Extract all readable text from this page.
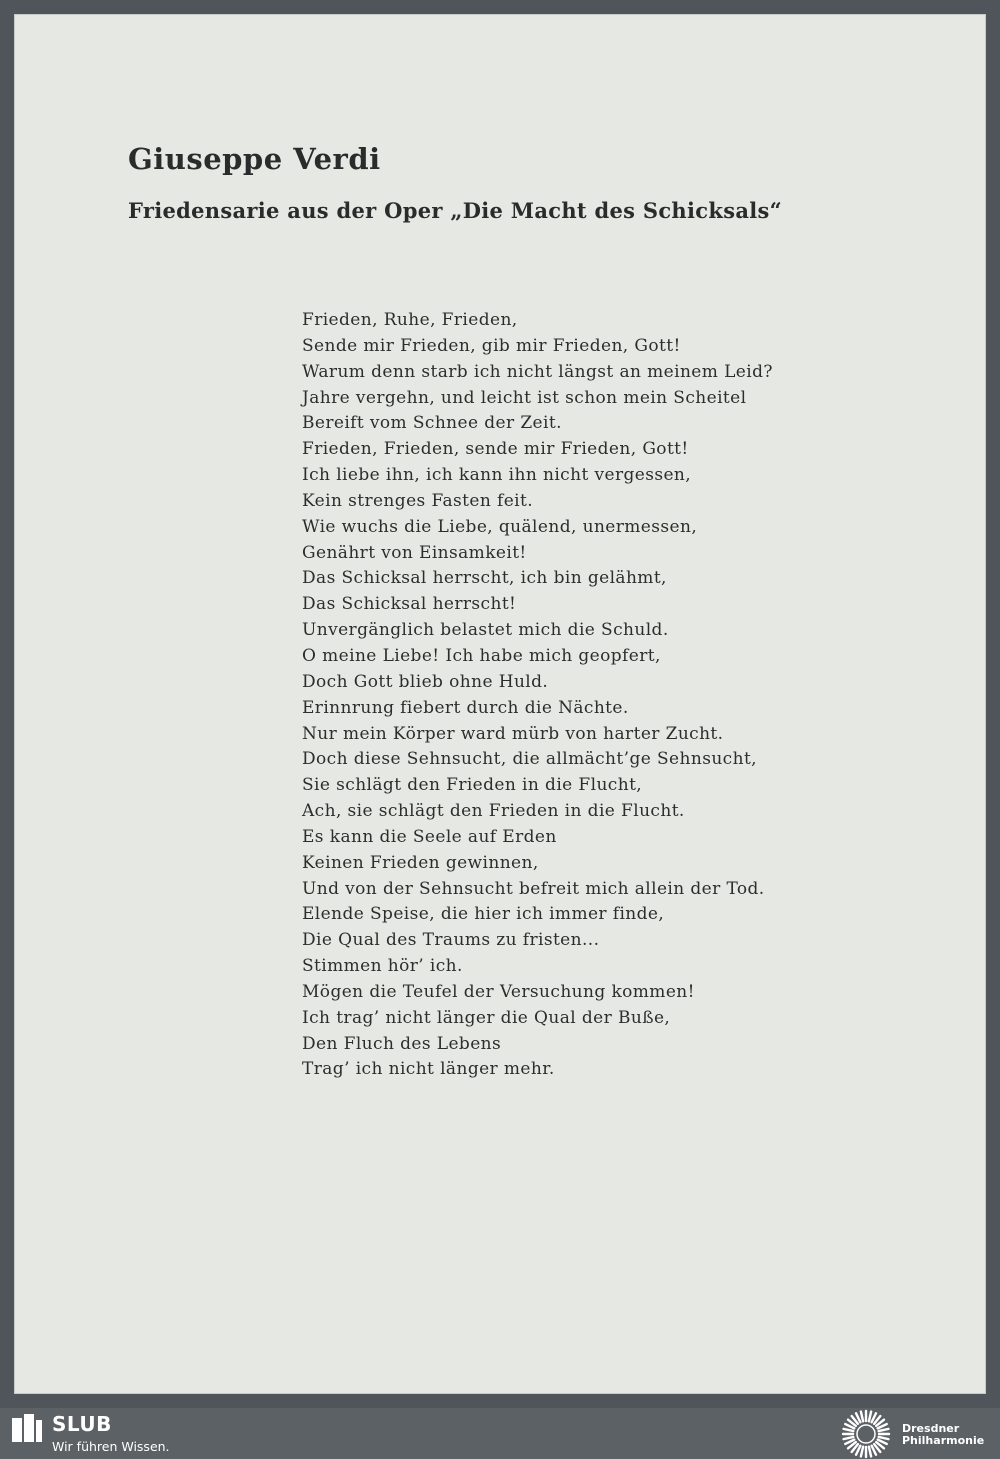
Giuseppe Verdi
Friedensarie aus der Oper „Die Macht des Schicksals“
Frieden, Ruhe, Frieden,
Sende mir Frieden, gib mir Frieden, Gott!
Warum denn starb ich nicht längst an meinem Leid?
Jahre vergehn, und leicht ist schon mein Scheitel
Bereift vom Schnee der Zeit.
Frieden, Frieden, sende mir Frieden, Gott!
Ich liebe ihn, ich kann ihn nicht vergessen,
Kein strenges Fasten feit.
Wie wuchs die Liebe, quälend, unermessen,
Genährt von Einsamkeit!
Das Schicksal herrscht, ich bin gelähmt,
Das Schicksal herrscht!
Unvergänglich belastet mich die Schuld.
O meine Liebe! Ich habe mich geopfert,
Doch Gott blieb ohne Huld.
Erinnrung fiebert durch die Nächte.
Nur mein Körper ward mürb von harter Zucht.
Doch diese Sehnsucht, die allmächt’ge Sehnsucht,
Sie schlägt den Frieden in die Flucht,
Ach, sie schlägt den Frieden in die Flucht.
Es kann die Seele auf Erden
Keinen Frieden gewinnen,
Und von der Sehnsucht befreit mich allein der Tod.
Elende Speise, die hier ich immer finde,
Die Qual des Traums zu fristen...
Stimmen hör’ ich.
Mögen die Teufel der Versuchung kommen!
Ich trag’ nicht länger die Qual der Buße,
Den Fluch des Lebens
Trag’ ich nicht länger mehr.
SLUB
Wir führen Wissen.
Dresdner
Philharmonie
